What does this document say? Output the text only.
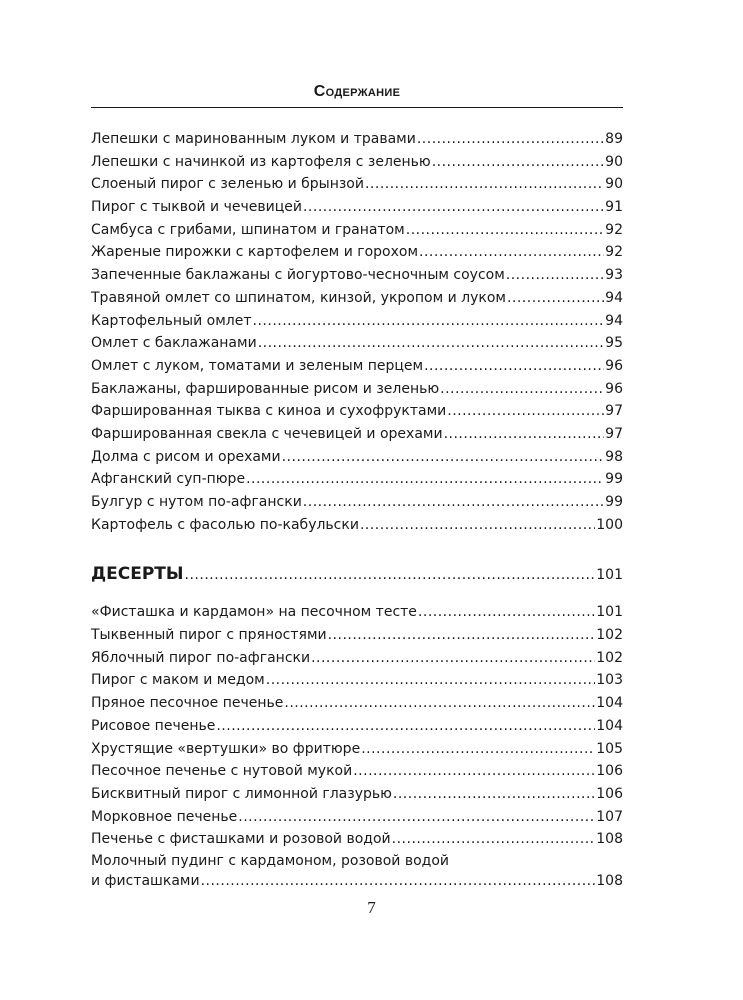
Содержание
Лепешки с маринованным луком и травами .....	89
Лепешки с начинкой из картофеля с зеленью .....	90
Слоеный пирог с зеленью и брынзой .....	90
Пирог с тыквой и чечевицей .....	91
Самбуса с грибами, шпинатом и гранатом .....	92
Жареные пирожки с картофелем и горохом .....	92
Запеченные баклажаны с йогуртово-чесночным соусом .....	93
Травяной омлет со шпинатом, кинзой, укропом и луком .....	94
Картофельный омлет .....	94
Омлет с баклажанами .....	95
Омлет с луком, томатами и зеленым перцем .....	96
Баклажаны, фаршированные рисом и зеленью .....	96
Фаршированная тыква с киноа и сухофруктами .....	97
Фаршированная свекла с чечевицей и орехами .....	97
Долма с рисом и орехами .....	98
Афганский суп-пюре .....	99
Булгур с нутом по-афгански .....	99
Картофель с фасолью по-кабульски .....	100
ДЕСЕРТЫ .....	101
«Фисташка и кардамон» на песочном тесте .....	101
Тыквенный пирог с пряностями .....	102
Яблочный пирог по-афгански .....	102
Пирог с маком и медом .....	103
Пряное песочное печенье .....	104
Рисовое печенье .....	104
Хрустящие «вертушки» во фритюре .....	105
Песочное печенье с нутовой мукой .....	106
Бисквитный пирог с лимонной глазурью .....	106
Морковное печенье .....	107
Печенье с фисташками и розовой водой .....	108
Молочный пудинг с кардамоном, розовой водой
и фисташками .....	108
7
